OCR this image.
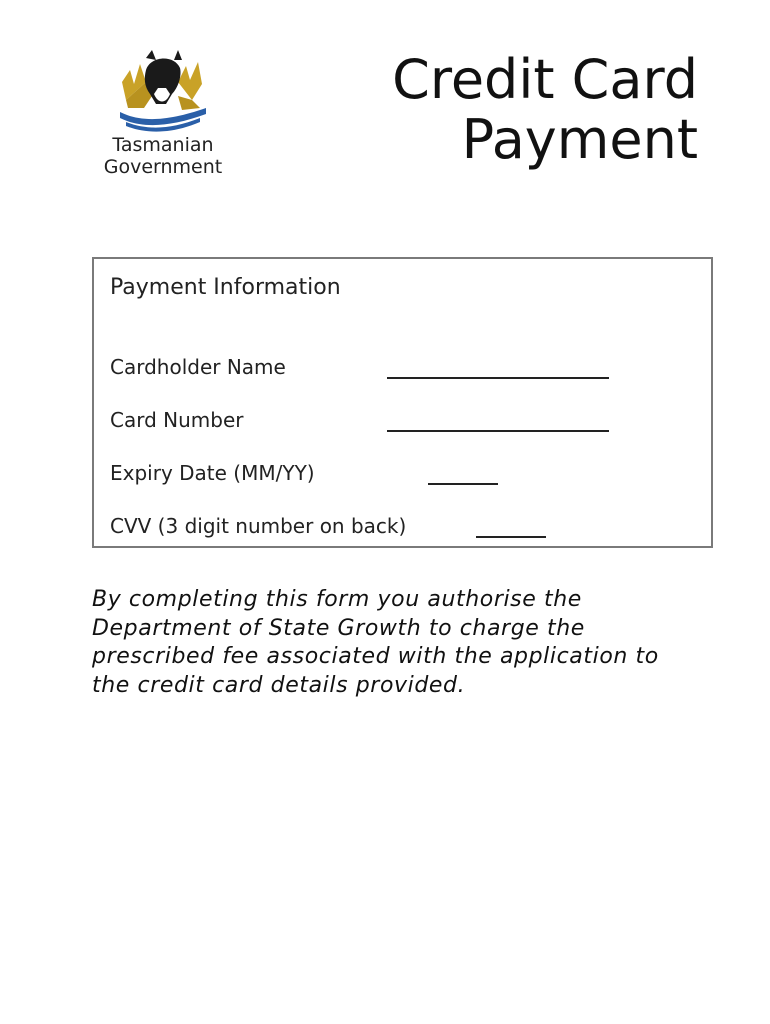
Tasmanian
Government
Credit Card
Payment
Payment Information
Cardholder Name
Card Number
Expiry Date (MM/YY)
CVV (3 digit number on back)
By completing this form you authorise the Department of State Growth to charge the prescribed fee associated with the application to the credit card details provided.
